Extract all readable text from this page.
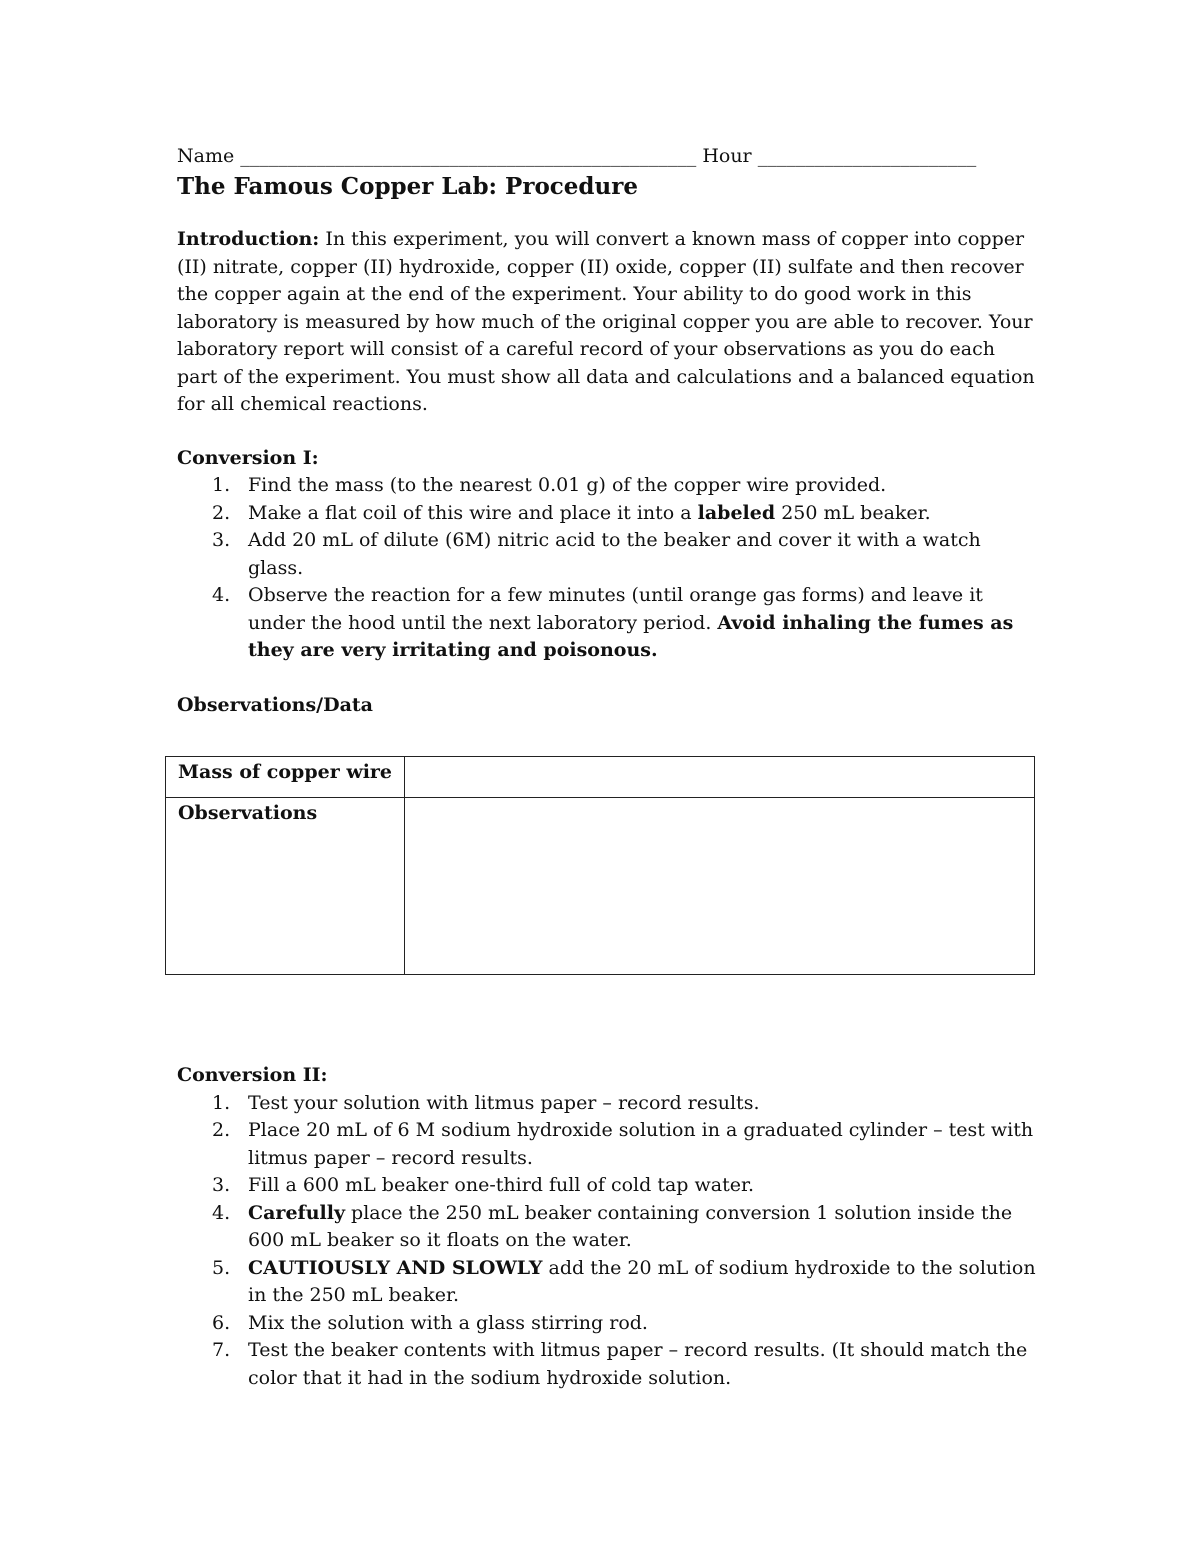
Name ________________________________________________ Hour _______________________
The Famous Copper Lab: Procedure

Introduction: In this experiment, you will convert a known mass of copper into copper (II) nitrate, copper (II) hydroxide, copper (II) oxide, copper (II) sulfate and then recover the copper again at the end of the experiment. Your ability to do good work in this laboratory is measured by how much of the original copper you are able to recover. Your laboratory report will consist of a careful record of your observations as you do each part of the experiment. You must show all data and calculations and a balanced equation for all chemical reactions.

Conversion I:
1. Find the mass (to the nearest 0.01 g) of the copper wire provided.
2. Make a flat coil of this wire and place it into a labeled 250 mL beaker.
3. Add 20 mL of dilute (6M) nitric acid to the beaker and cover it with a watch glass.
4. Observe the reaction for a few minutes (until orange gas forms) and leave it under the hood until the next laboratory period. Avoid inhaling the fumes as they are very irritating and poisonous.
Observations/Data
Mass of copper wire	
Observations	
Conversion II:
1. Test your solution with litmus paper – record results.
2. Place 20 mL of 6 M sodium hydroxide solution in a graduated cylinder – test with litmus paper – record results.
3. Fill a 600 mL beaker one-third full of cold tap water.
4. Carefully place the 250 mL beaker containing conversion 1 solution inside the 600 mL beaker so it floats on the water.
5. CAUTIOUSLY AND SLOWLY add the 20 mL of sodium hydroxide to the solution in the 250 mL beaker.
6. Mix the solution with a glass stirring rod.
7. Test the beaker contents with litmus paper – record results. (It should match the color that it had in the sodium hydroxide solution.
